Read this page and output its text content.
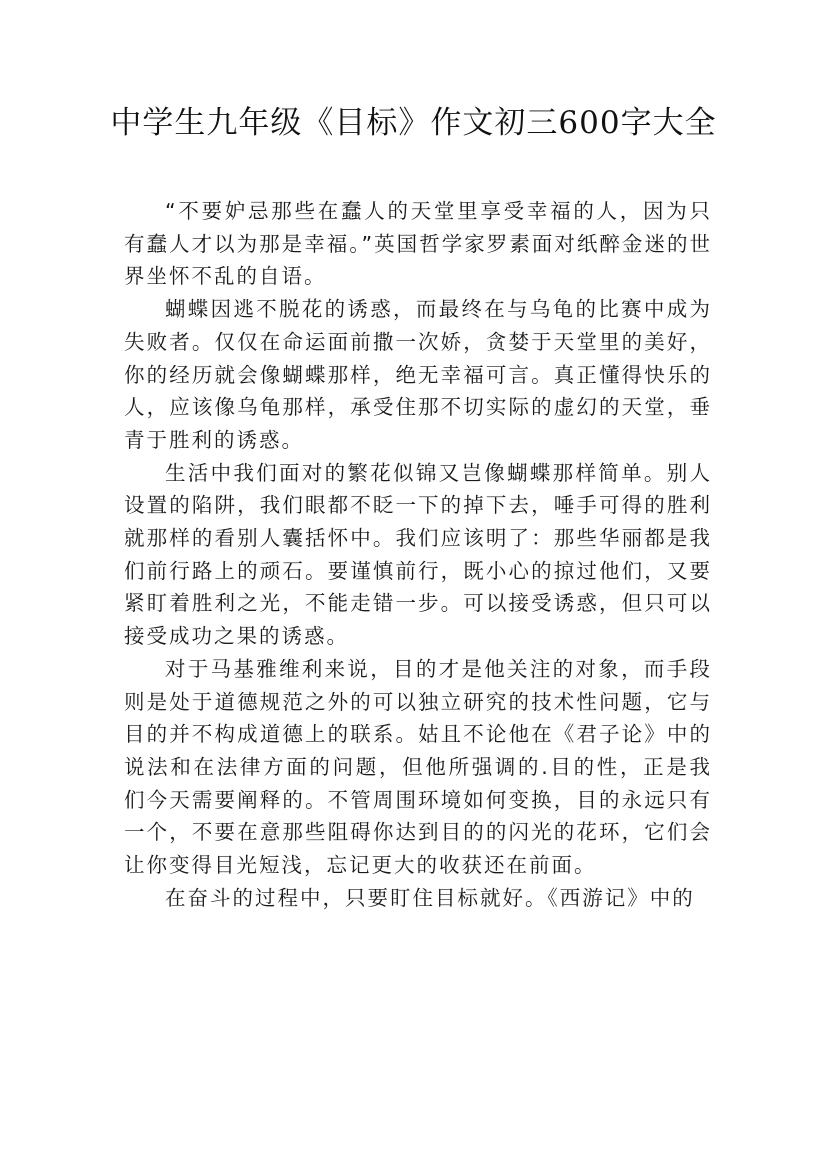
中学生九年级《目标》作文初三600字大全

“不要妒忌那些在蠢人的天堂里享受幸福的人，因为只有蠢人才以为那是幸福。”英国哲学家罗素面对纸醉金迷的世界坐怀不乱的自语。

蝴蝶因逃不脱花的诱惑，而最终在与乌龟的比赛中成为失败者。仅仅在命运面前撒一次娇，贪婪于天堂里的美好，你的经历就会像蝴蝶那样，绝无幸福可言。真正懂得快乐的人，应该像乌龟那样，承受住那不切实际的虚幻的天堂，垂青于胜利的诱惑。

生活中我们面对的繁花似锦又岂像蝴蝶那样简单。别人设置的陷阱，我们眼都不眨一下的掉下去，唾手可得的胜利就那样的看别人囊括怀中。我们应该明了：那些华丽都是我们前行路上的顽石。要谨慎前行，既小心的掠过他们，又要紧盯着胜利之光，不能走错一步。可以接受诱惑，但只可以接受成功之果的诱惑。

对于马基雅维利来说，目的才是他关注的对象，而手段则是处于道德规范之外的可以独立研究的技术性问题，它与目的并不构成道德上的联系。姑且不论他在《君子论》中的说法和在法律方面的问题，但他所强调的.目的性，正是我们今天需要阐释的。不管周围环境如何变换，目的永远只有一个，不要在意那些阻碍你达到目的的闪光的花环，它们会让你变得目光短浅，忘记更大的收获还在前面。

在奋斗的过程中，只要盯住目标就好。《西游记》中的
